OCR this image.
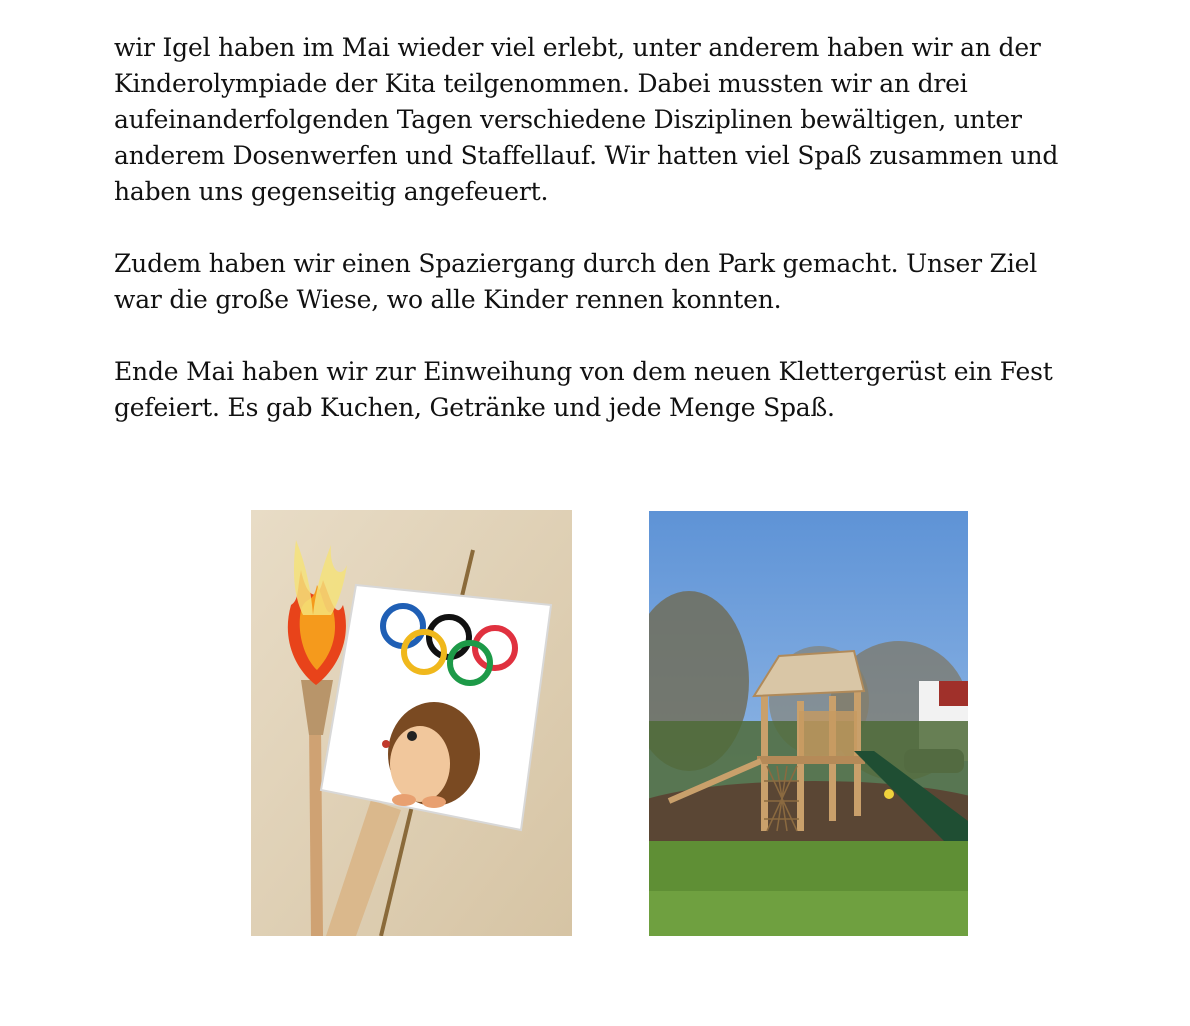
wir Igel haben im Mai wieder viel erlebt, unter anderem haben wir an der
Kinderolympiade der Kita teilgenommen. Dabei mussten wir an drei
aufeinanderfolgenden Tagen verschiedene Disziplinen bewältigen, unter
anderem Dosenwerfen und Staffellauf. Wir hatten viel Spaß zusammen und
haben uns gegenseitig angefeuert.

Zudem haben wir einen Spaziergang durch den Park gemacht. Unser Ziel
war die große Wiese, wo alle Kinder rennen konnten.

Ende Mai haben wir zur Einweihung von dem neuen Klettergerüst ein Fest
gefeiert. Es gab Kuchen, Getränke und jede Menge Spaß.
